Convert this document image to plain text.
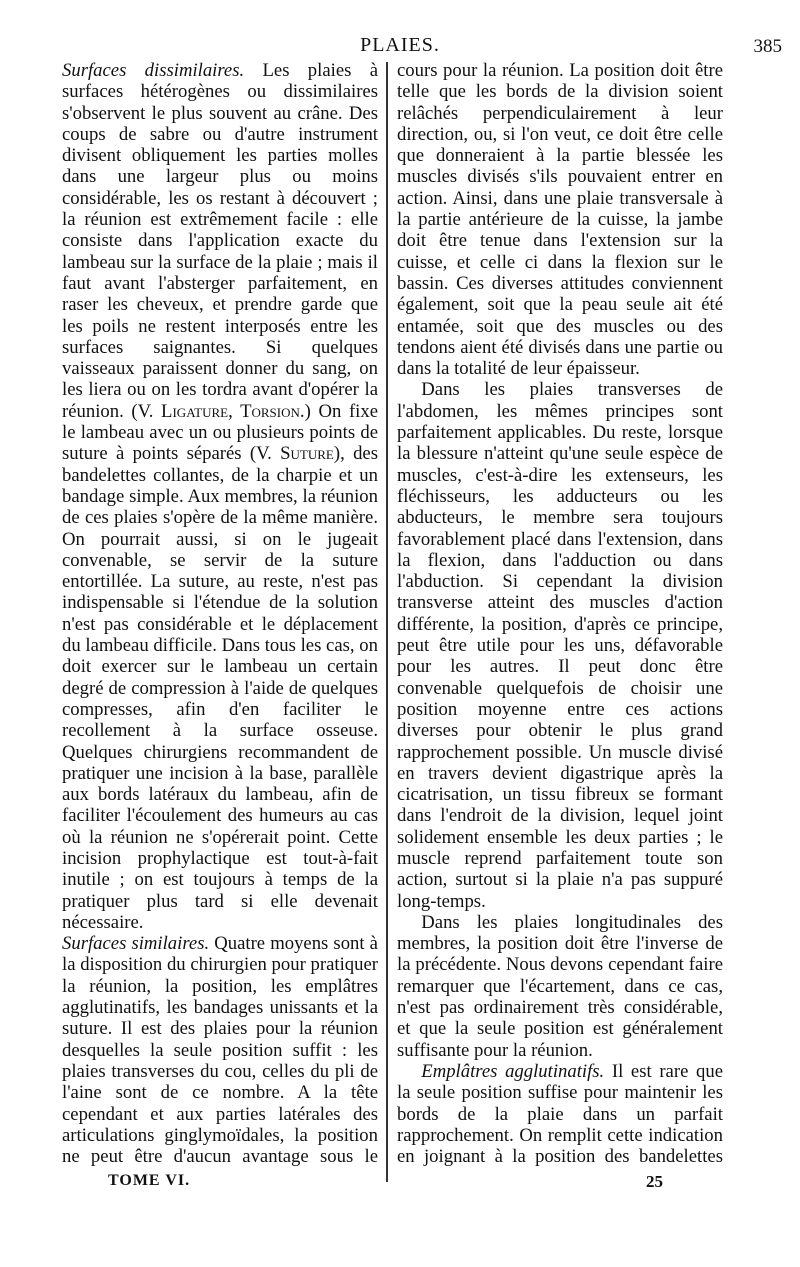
PLAIES.	385

Surfaces dissimilaires. Les plaies à surfaces hétérogènes ou dissimilaires s'observent le plus souvent au crâne. Des coups de sabre ou d'autre instrument divisent obliquement les parties molles dans une largeur plus ou moins considérable, les os restant à découvert ; la réunion est extrêmement facile : elle consiste dans l'application exacte du lambeau sur la surface de la plaie ; mais il faut avant l'absterger parfaitement, en raser les cheveux, et prendre garde que les poils ne restent interposés entre les surfaces saignantes. Si quelques vaisseaux paraissent donner du sang, on les liera ou on les tordra avant d'opérer la réunion. (V. Ligature, Torsion.) On fixe le lambeau avec un ou plusieurs points de suture à points séparés (V. Suture), des bandelettes collantes, de la charpie et un bandage simple. Aux membres, la réunion de ces plaies s'opère de la même manière. On pourrait aussi, si on le jugeait convenable, se servir de la suture entortillée. La suture, au reste, n'est pas indispensable si l'étendue de la solution n'est pas considérable et le déplacement du lambeau difficile. Dans tous les cas, on doit exercer sur le lambeau un certain degré de compression à l'aide de quelques compresses, afin d'en faciliter le recollement à la surface osseuse. Quelques chirurgiens recommandent de pratiquer une incision à la base, parallèle aux bords latéraux du lambeau, afin de faciliter l'écoulement des humeurs au cas où la réunion ne s'opérerait point. Cette incision prophylactique est tout-à-fait inutile ; on est toujours à temps de la pratiquer plus tard si elle devenait nécessaire.

Surfaces similaires. Quatre moyens sont à la disposition du chirurgien pour pratiquer la réunion, la position, les emplâtres agglutinatifs, les bandages unissants et la suture. Il est des plaies pour la réunion desquelles la seule position suffit : les plaies transverses du cou, celles du pli de l'aine sont de ce nombre. A la tête cependant et aux parties latérales des articulations ginglymoïdales, la position ne peut être d'aucun avantage sous le

cours pour la réunion. La position doit être telle que les bords de la division soient relâchés perpendiculairement à leur direction, ou, si l'on veut, ce doit être celle que donneraient à la partie blessée les muscles divisés s'ils pouvaient entrer en action. Ainsi, dans une plaie transversale à la partie antérieure de la cuisse, la jambe doit être tenue dans l'extension sur la cuisse, et celle ci dans la flexion sur le bassin. Ces diverses attitudes conviennent également, soit que la peau seule ait été entamée, soit que des muscles ou des tendons aient été divisés dans une partie ou dans la totalité de leur épaisseur.

Dans les plaies transverses de l'abdomen, les mêmes principes sont parfaitement applicables. Du reste, lorsque la blessure n'atteint qu'une seule espèce de muscles, c'est-à-dire les extenseurs, les fléchisseurs, les adducteurs ou les abducteurs, le membre sera toujours favorablement placé dans l'extension, dans la flexion, dans l'adduction ou dans l'abduction. Si cependant la division transverse atteint des muscles d'action différente, la position, d'après ce principe, peut être utile pour les uns, défavorable pour les autres. Il peut donc être convenable quelquefois de choisir une position moyenne entre ces actions diverses pour obtenir le plus grand rapprochement possible. Un muscle divisé en travers devient digastrique après la cicatrisation, un tissu fibreux se formant dans l'endroit de la division, lequel joint solidement ensemble les deux parties ; le muscle reprend parfaitement toute son action, surtout si la plaie n'a pas suppuré long-temps.

Dans les plaies longitudinales des membres, la position doit être l'inverse de la précédente. Nous devons cependant faire remarquer que l'écartement, dans ce cas, n'est pas ordinairement très considérable, et que la seule position est généralement suffisante pour la réunion.

Emplâtres agglutinatifs. Il est rare que la seule position suffise pour maintenir les bords de la plaie dans un parfait rapprochement. On remplit cette indication en joignant à la position des bandelettes

TOME VI.	25
